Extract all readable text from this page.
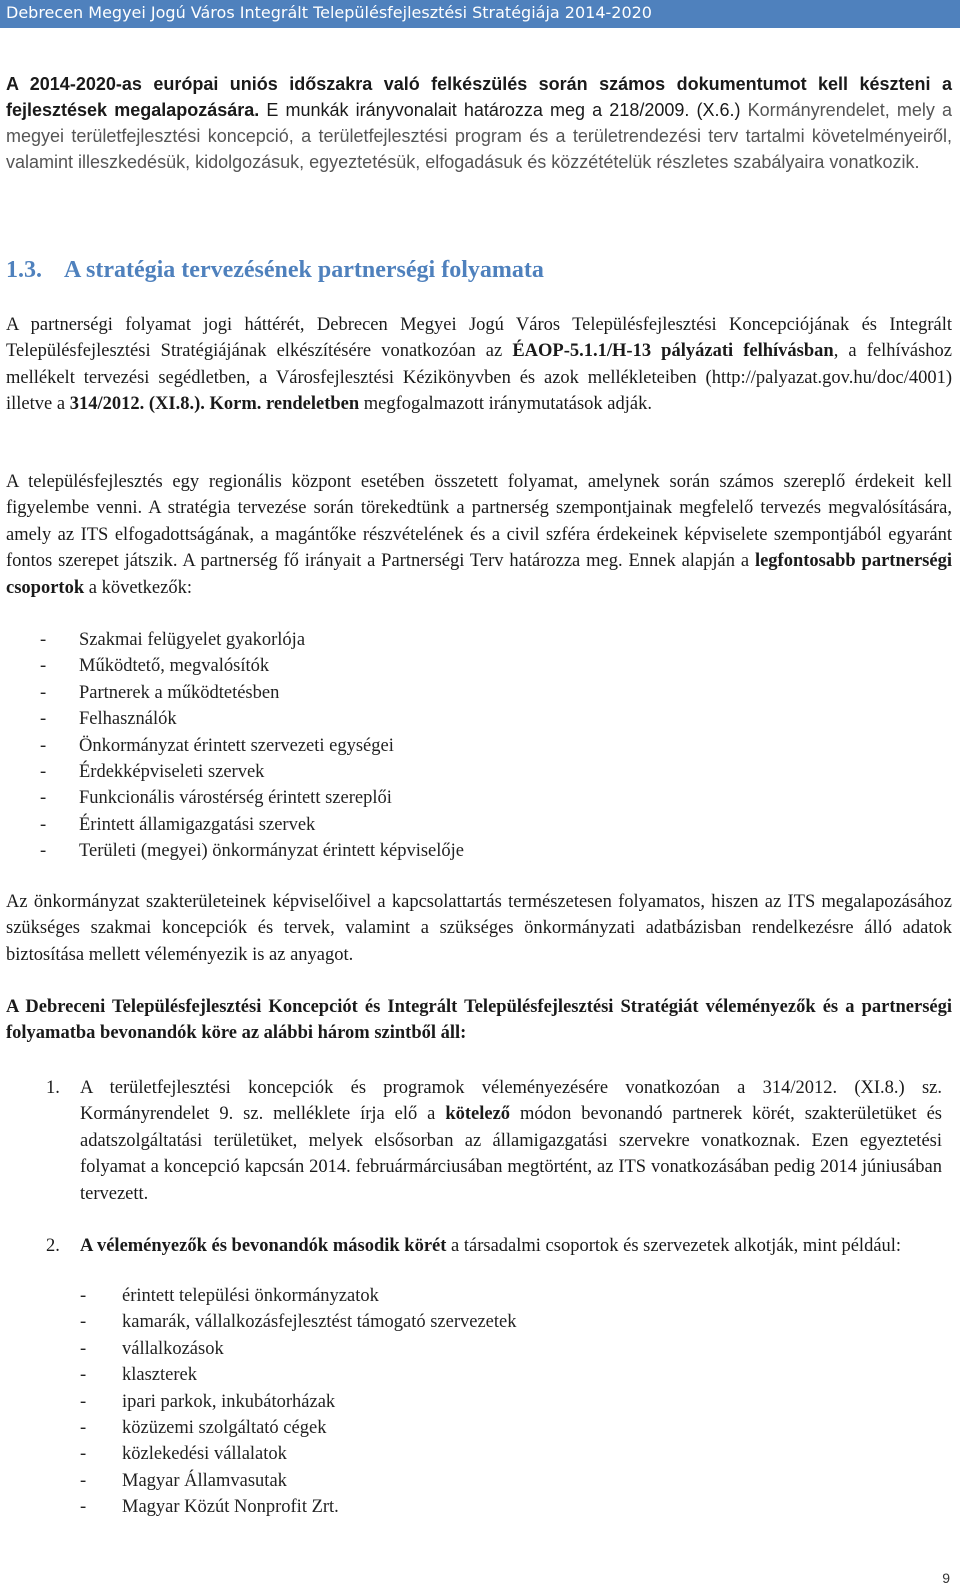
Debrecen Megyei Jogú Város Integrált Településfejlesztési Stratégiája 2014-2020
A 2014-2020-as európai uniós időszakra való felkészülés során számos dokumentumot kell készteni a fejlesztések megalapozására. E munkák irányvonalait határozza meg a 218/2009. (X.6.) Kormányrendelet, mely a megyei területfejlesztési koncepció, a területfejlesztési program és a területrendezési terv tartalmi követelményeiről, valamint illeszkedésük, kidolgozásuk, egyeztetésük, elfogadásuk és közzétételük részletes szabályaira vonatkozik.
1.3. A stratégia tervezésének partnerségi folyamata
A partnerségi folyamat jogi háttérét, Debrecen Megyei Jogú Város Településfejlesztési Koncepciójának és Integrált Településfejlesztési Stratégiájának elkészítésére vonatkozóan az ÉAOP-5.1.1/H-13 pályázati felhívásban, a felhíváshoz mellékelt tervezési segédletben, a Városfejlesztési Kézikönyvben és azok mellékleteiben (http://palyazat.gov.hu/doc/4001) illetve a 314/2012. (XI.8.). Korm. rendeletben megfogalmazott iránymutatások adják.
A településfejlesztés egy regionális központ esetében összetett folyamat, amelynek során számos szereplő érdekeit kell figyelembe venni. A stratégia tervezése során törekedtünk a partnerség szempontjainak megfelelő tervezés megvalósítására, amely az ITS elfogadottságának, a magántőke részvételének és a civil szféra érdekeinek képviselete szempontjából egyaránt fontos szerepet játszik. A partnerség fő irányait a Partnerségi Terv határozza meg. Ennek alapján a legfontosabb partnerségi csoportok a következők:
- Szakmai felügyelet gyakorlója
- Működtető, megvalósítók
- Partnerek a működtetésben
- Felhasználók
- Önkormányzat érintett szervezeti egységei
- Érdekképviseleti szervek
- Funkcionális várostérség érintett szereplői
- Érintett államigazgatási szervek
- Területi (megyei) önkormányzat érintett képviselője
Az önkormányzat szakterületeinek képviselőivel a kapcsolattartás természetesen folyamatos, hiszen az ITS megalapozásához szükséges szakmai koncepciók és tervek, valamint a szükséges önkormányzati adatbázisban rendelkezésre álló adatok biztosítása mellett véleményezik is az anyagot.
A Debreceni Településfejlesztési Koncepciót és Integrált Településfejlesztési Stratégiát véleményezők és a partnerségi folyamatba bevonandók köre az alábbi három szintből áll:
1. A területfejlesztési koncepciók és programok véleményezésére vonatkozóan a 314/2012. (XI.8.) sz. Kormányrendelet 9. sz. melléklete írja elő a kötelező módon bevonandó partnerek körét, szakterületüket és adatszolgáltatási területüket, melyek elsősorban az államigazgatási szervekre vonatkoznak. Ezen egyeztetési folyamat a koncepció kapcsán 2014. februármárciusában megtörtént, az ITS vonatkozásában pedig 2014 júniusában tervezett.
2. A véleményezők és bevonandók második körét a társadalmi csoportok és szervezetek alkotják, mint például:
- érintett települési önkormányzatok
- kamarák, vállalkozásfejlesztést támogató szervezetek
- vállalkozások
- klaszterek
- ipari parkok, inkubátorházak
- közüzemi szolgáltató cégek
- közlekedési vállalatok
- Magyar Államvasutak
- Magyar Közút Nonprofit Zrt.
9
